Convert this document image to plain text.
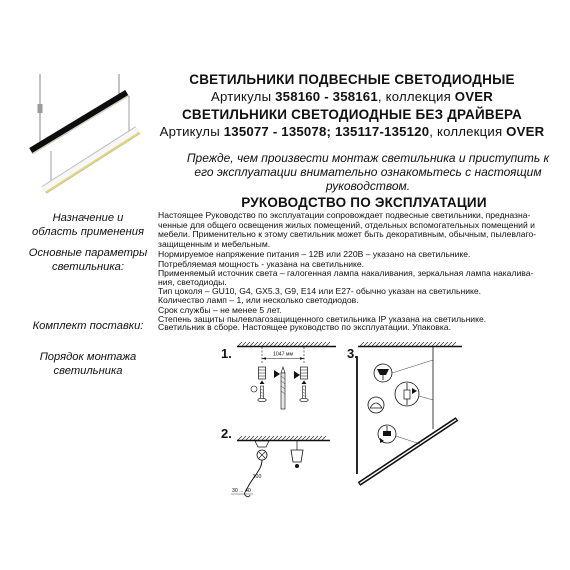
СВЕТИЛЬНИКИ ПОДВЕСНЫЕ СВЕТОДИОДНЫЕ
Артикулы 358160 - 358161, коллекция OVER
СВЕТИЛЬНИКИ СВЕТОДИОДНЫЕ БЕЗ ДРАЙВЕРА
Артикулы 135077 - 135078; 135117-135120, коллекция OVER
Прежде, чем произвести монтаж светильника и приступить к
его эксплуатации внимательно ознакомьтесь с настоящим
руководством.
РУКОВОДСТВО ПО ЭКСПЛУАТАЦИИ
Назначение и
область применения
Настоящее Руководство по эксплуатации сопровождает подвесные светильники, предназна-
ченные для общего освещения жилых помещений, отдельных вспомогательных помещений и
мебели. Применительно к этому светильник может быть декоративным, обычным, пылевлаго-
защищенным и мебельным.
Основные параметры
светильника:
Нормируемое напряжение питания – 12В или 220В – указано на светильнике.
Потребляемая мощность - указана на светильнике.
Применяемый источник света – галогенная лампа накаливания, зеркальная лампа накалива-
ния, светодиоды.
Тип цоколя – GU10, G4, GX5.3, G9, E14 или E27- обычно указан на светильнике.
Количество ламп – 1, или несколько светодиодов.
Срок службы – не менее 5 лет.
Степень защиты пылевлагозащищенного светильника IP указана на светильнике.
Комплект поставки:	Светильник в сборе. Настоящее руководство по эксплуатации. Упаковка.
Порядок монтажа
светильника
1.	1047 мм
2.
100
30 ... 40
3.
